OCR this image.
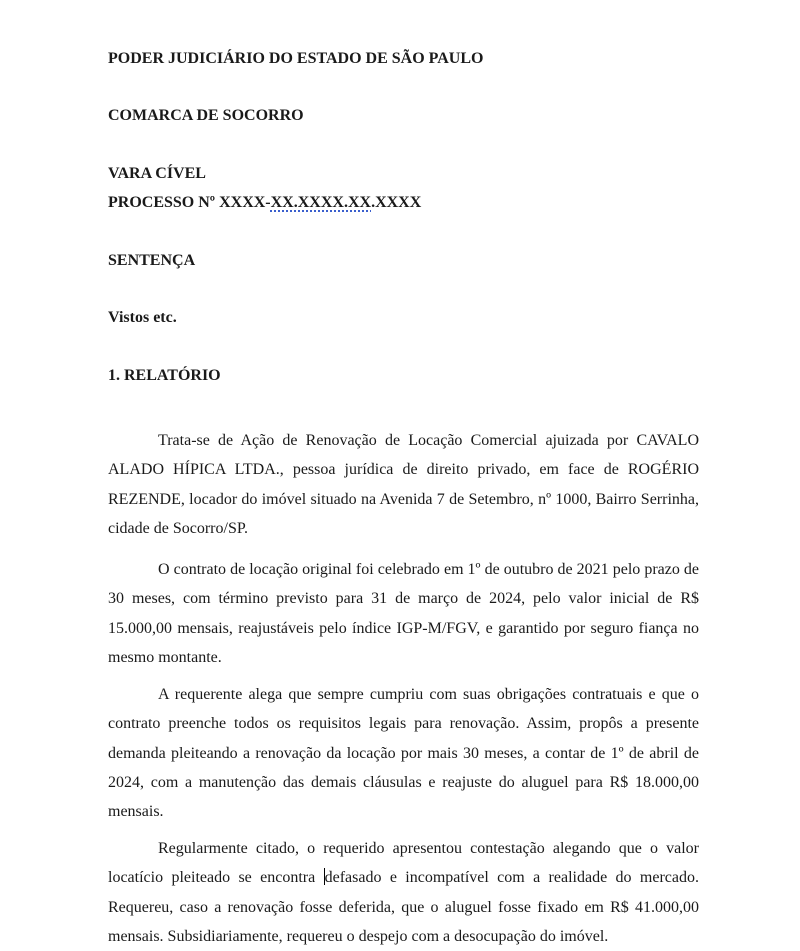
PODER JUDICIÁRIO DO ESTADO DE SÃO PAULO
COMARCA DE SOCORRO
VARA CÍVEL
PROCESSO Nº XXXX-XX.XXXX.XX.XXXX
SENTENÇA
Vistos etc.
1. RELATÓRIO

Trata-se de Ação de Renovação de Locação Comercial ajuizada por CAVALO ALADO HÍPICA LTDA., pessoa jurídica de direito privado, em face de ROGÉRIO REZENDE, locador do imóvel situado na Avenida 7 de Setembro, nº 1000, Bairro Serrinha, cidade de Socorro/SP.

O contrato de locação original foi celebrado em 1º de outubro de 2021 pelo prazo de 30 meses, com término previsto para 31 de março de 2024, pelo valor inicial de R$ 15.000,00 mensais, reajustáveis pelo índice IGP-M/FGV, e garantido por seguro fiança no mesmo montante.

A requerente alega que sempre cumpriu com suas obrigações contratuais e que o contrato preenche todos os requisitos legais para renovação. Assim, propôs a presente demanda pleiteando a renovação da locação por mais 30 meses, a contar de 1º de abril de 2024, com a manutenção das demais cláusulas e reajuste do aluguel para R$ 18.000,00 mensais.

Regularmente citado, o requerido apresentou contestação alegando que o valor locatício pleiteado se encontra defasado e incompatível com a realidade do mercado. Requereu, caso a renovação fosse deferida, que o aluguel fosse fixado em R$ 41.000,00 mensais. Subsidiariamente, requereu o despejo com a desocupação do imóvel.
